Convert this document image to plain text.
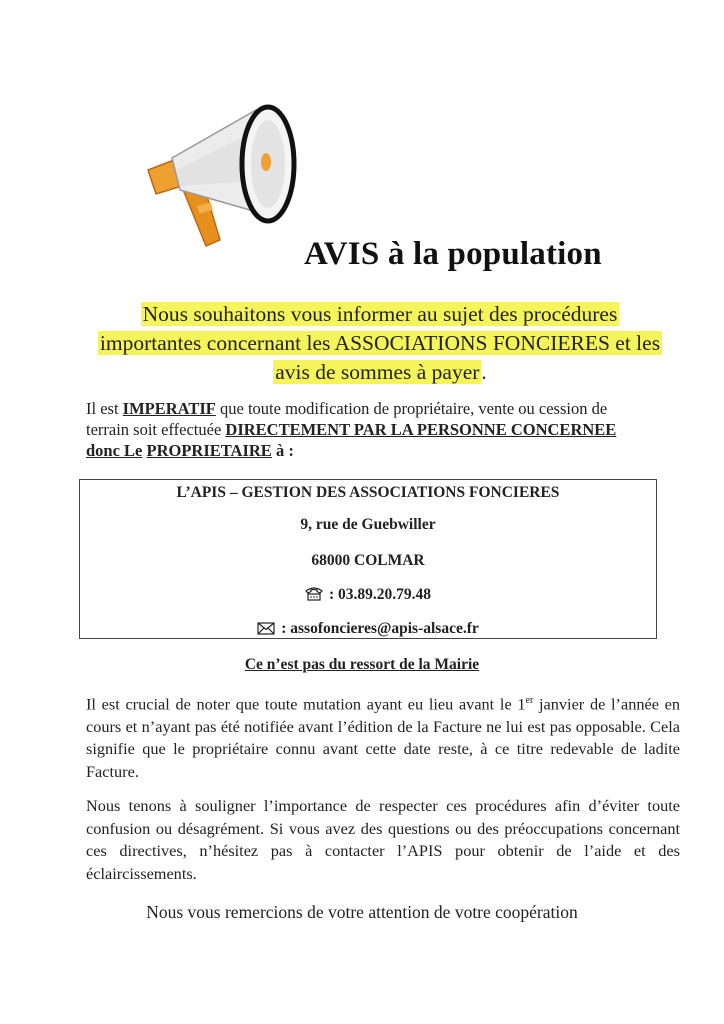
AVIS à la population
Nous souhaitons vous informer au sujet des procédures
importantes concernant les ASSOCIATIONS FONCIERES et les
avis de sommes à payer.
Il est IMPERATIF que toute modification de propriétaire, vente ou cession de terrain soit effectuée DIRECTEMENT PAR LA PERSONNE CONCERNEE
donc Le PROPRIETAIRE à :
L’APIS – GESTION DES ASSOCIATIONS FONCIERES
9, rue de Guebwiller
68000 COLMAR
: 03.89.20.79.48
: assofoncieres@apis-alsace.fr
Ce n’est pas du ressort de la Mairie
Il est crucial de noter que toute mutation ayant eu lieu avant le 1er janvier de l’année en cours et n’ayant pas été notifiée avant l’édition de la Facture ne lui est pas opposable. Cela signifie que le propriétaire connu avant cette date reste, à ce titre redevable de ladite Facture.
Nous tenons à souligner l’importance de respecter ces procédures afin d’éviter toute confusion ou désagrément. Si vous avez des questions ou des préoccupations concernant ces directives, n’hésitez pas à contacter l’APIS pour obtenir de l’aide et des éclaircissements.
Nous vous remercions de votre attention de votre coopération
